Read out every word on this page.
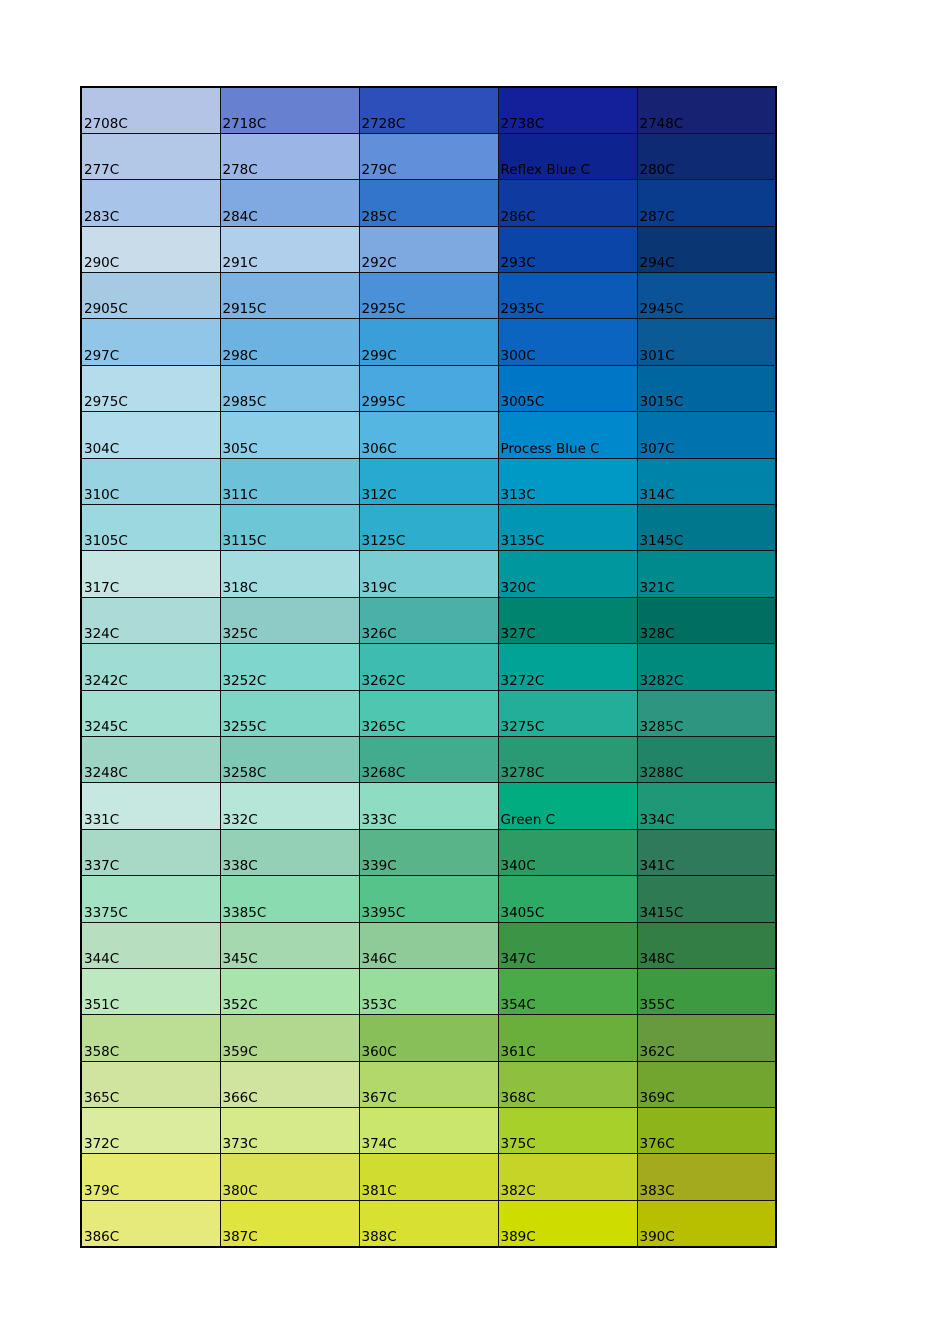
2708C	2718C	2728C	2738C	2748C

277C	278C	279C	Reflex Blue C	280C

283C	284C	285C	286C	287C

290C	291C	292C	293C	294C

2905C	2915C	2925C	2935C	2945C

297C	298C	299C	300C	301C

2975C	2985C	2995C	3005C	3015C

304C	305C	306C	Process Blue C	307C

310C	311C	312C	313C	314C

3105C	3115C	3125C	3135C	3145C

317C	318C	319C	320C	321C

324C	325C	326C	327C	328C

3242C	3252C	3262C	3272C	3282C

3245C	3255C	3265C	3275C	3285C

3248C	3258C	3268C	3278C	3288C

331C	332C	333C	Green C	334C

337C	338C	339C	340C	341C

3375C	3385C	3395C	3405C	3415C

344C	345C	346C	347C	348C

351C	352C	353C	354C	355C

358C	359C	360C	361C	362C

365C	366C	367C	368C	369C

372C	373C	374C	375C	376C

379C	380C	381C	382C	383C

386C	387C	388C	389C	390C
